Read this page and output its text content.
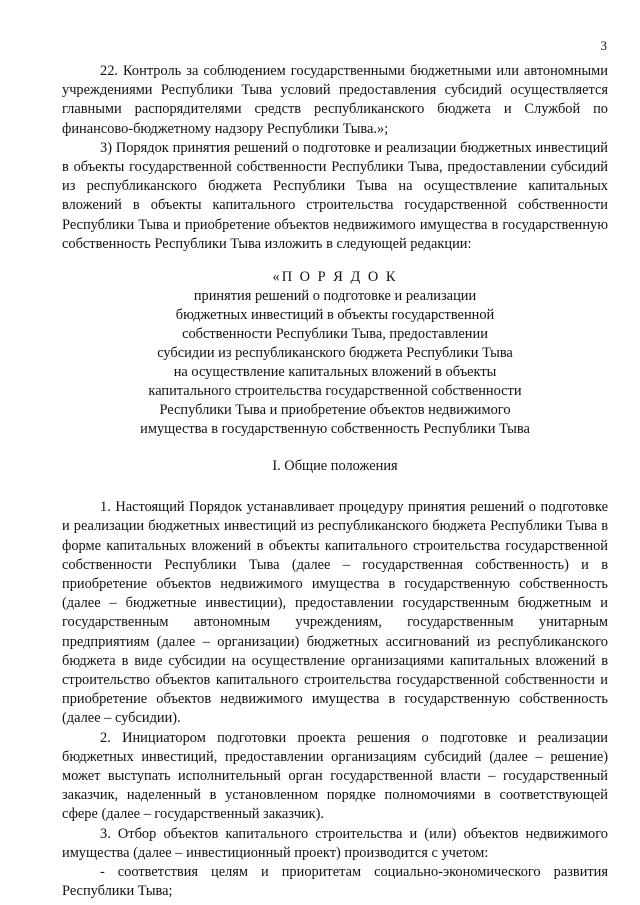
3

22. Контроль за соблюдением государственными бюджетными или автономными учреждениями Республики Тыва условий предоставления субсидий осуществляется главными распорядителями средств республиканского бюджета и Службой по финансово-бюджетному надзору Республики Тыва.»;

3) Порядок принятия решений о подготовке и реализации бюджетных инвестиций в объекты государственной собственности Республики Тыва, предоставлении субсидий из республиканского бюджета Республики Тыва на осуществление капитальных вложений в объекты капитального строительства государственной собственности Республики Тыва и приобретение объектов недвижимого имущества в государственную собственность Республики Тыва изложить в следующей редакции:

«П О Р Я Д О К
принятия решений о подготовке и реализации
бюджетных инвестиций в объекты государственной
собственности Республики Тыва, предоставлении
субсидии из республиканского бюджета Республики Тыва
на осуществление капитальных вложений в объекты
капитального строительства государственной собственности
Республики Тыва и приобретение объектов недвижимого
имущества в государственную собственность Республики Тыва
I. Общие положения

1. Настоящий Порядок устанавливает процедуру принятия решений о подготовке и реализации бюджетных инвестиций из республиканского бюджета Республики Тыва в форме капитальных вложений в объекты капитального строительства государственной собственности Республики Тыва (далее – государственная собственность) и в приобретение объектов недвижимого имущества в государственную собственность (далее – бюджетные инвестиции), предоставлении государственным бюджетным и государственным автономным учреждениям, государственным унитарным предприятиям (далее – организации) бюджетных ассигнований из республиканского бюджета в виде субсидии на осуществление организациями капитальных вложений в строительство объектов капитального строительства государственной собственности и приобретение объектов недвижимого имущества в государственную собственность (далее – субсидии).

2. Инициатором подготовки проекта решения о подготовке и реализации бюджетных инвестиций, предоставлении организациям субсидий (далее – решение) может выступать исполнительный орган государственной власти – государственный заказчик, наделенный в установленном порядке полномочиями в соответствующей сфере (далее – государственный заказчик).

3. Отбор объектов капитального строительства и (или) объектов недвижимого имущества (далее – инвестиционный проект) производится с учетом:

- соответствия целям и приоритетам социально-экономического развития Республики Тыва;
